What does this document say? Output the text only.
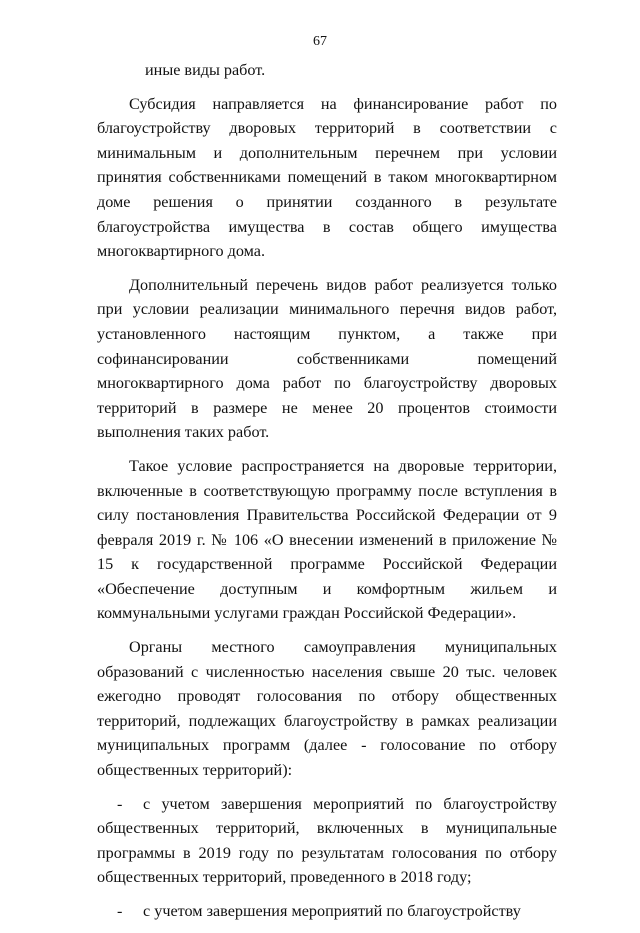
67

иные виды работ.

Субсидия направляется на финансирование работ по благоустройству дворовых территорий в соответствии с минимальным и дополнительным перечнем при условии принятия собственниками помещений в таком многоквартирном доме решения о принятии созданного в результате благоустройства имущества в состав общего имущества многоквартирного дома.

Дополнительный перечень видов работ реализуется только при условии реализации минимального перечня видов работ, установленного настоящим пунктом, а также при софинансировании собственниками помещений многоквартирного дома работ по благоустройству дворовых территорий в размере не менее 20 процентов стоимости выполнения таких работ.

Такое условие распространяется на дворовые территории, включенные в соответствующую программу после вступления в силу постановления Правительства Российской Федерации от 9 февраля 2019 г. № 106 «О внесении изменений в приложение № 15 к государственной программе Российской Федерации «Обеспечение доступным и комфортным жильем и коммунальными услугами граждан Российской Федерации».

Органы местного самоуправления муниципальных образований с численностью населения свыше 20 тыс. человек ежегодно проводят голосования по отбору общественных территорий, подлежащих благоустройству в рамках реализации муниципальных программ (далее - голосование по отбору общественных территорий):

- с учетом завершения мероприятий по благоустройству общественных территорий, включенных в муниципальные программы в 2019 году по результатам голосования по отбору общественных территорий, проведенного в 2018 году;

- с учетом завершения мероприятий по благоустройству
